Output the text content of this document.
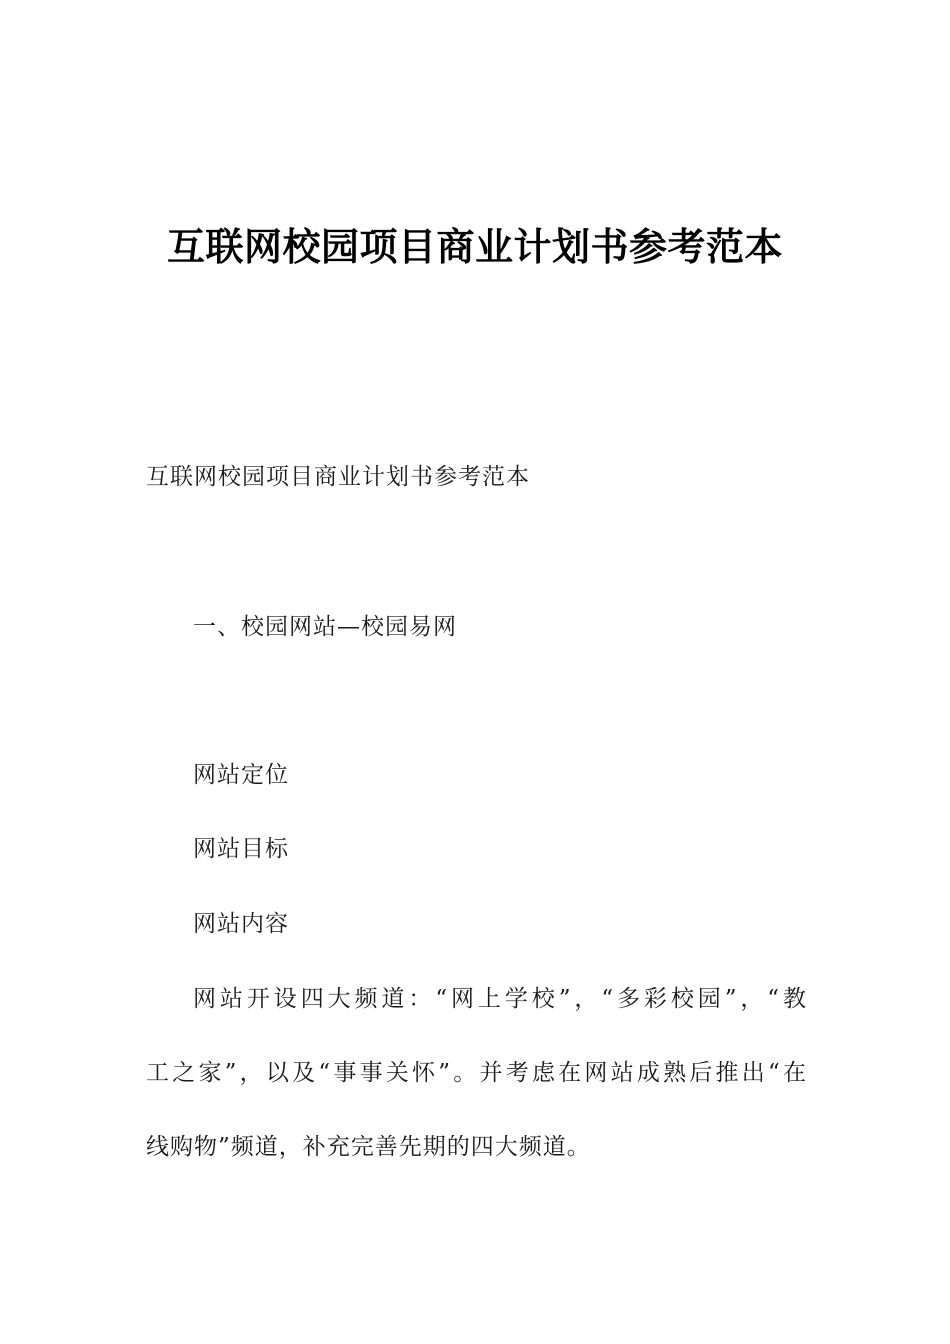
互联网校园项目商业计划书参考范本
互联网校园项目商业计划书参考范本
一、校园网站—校园易网
网站定位
网站目标
网站内容
网站开设四大频道：“网上学校”，“多彩校园”，“教
工之家”，以及“事事关怀”。并考虑在网站成熟后推出“在
线购物”频道，补充完善先期的四大频道。
